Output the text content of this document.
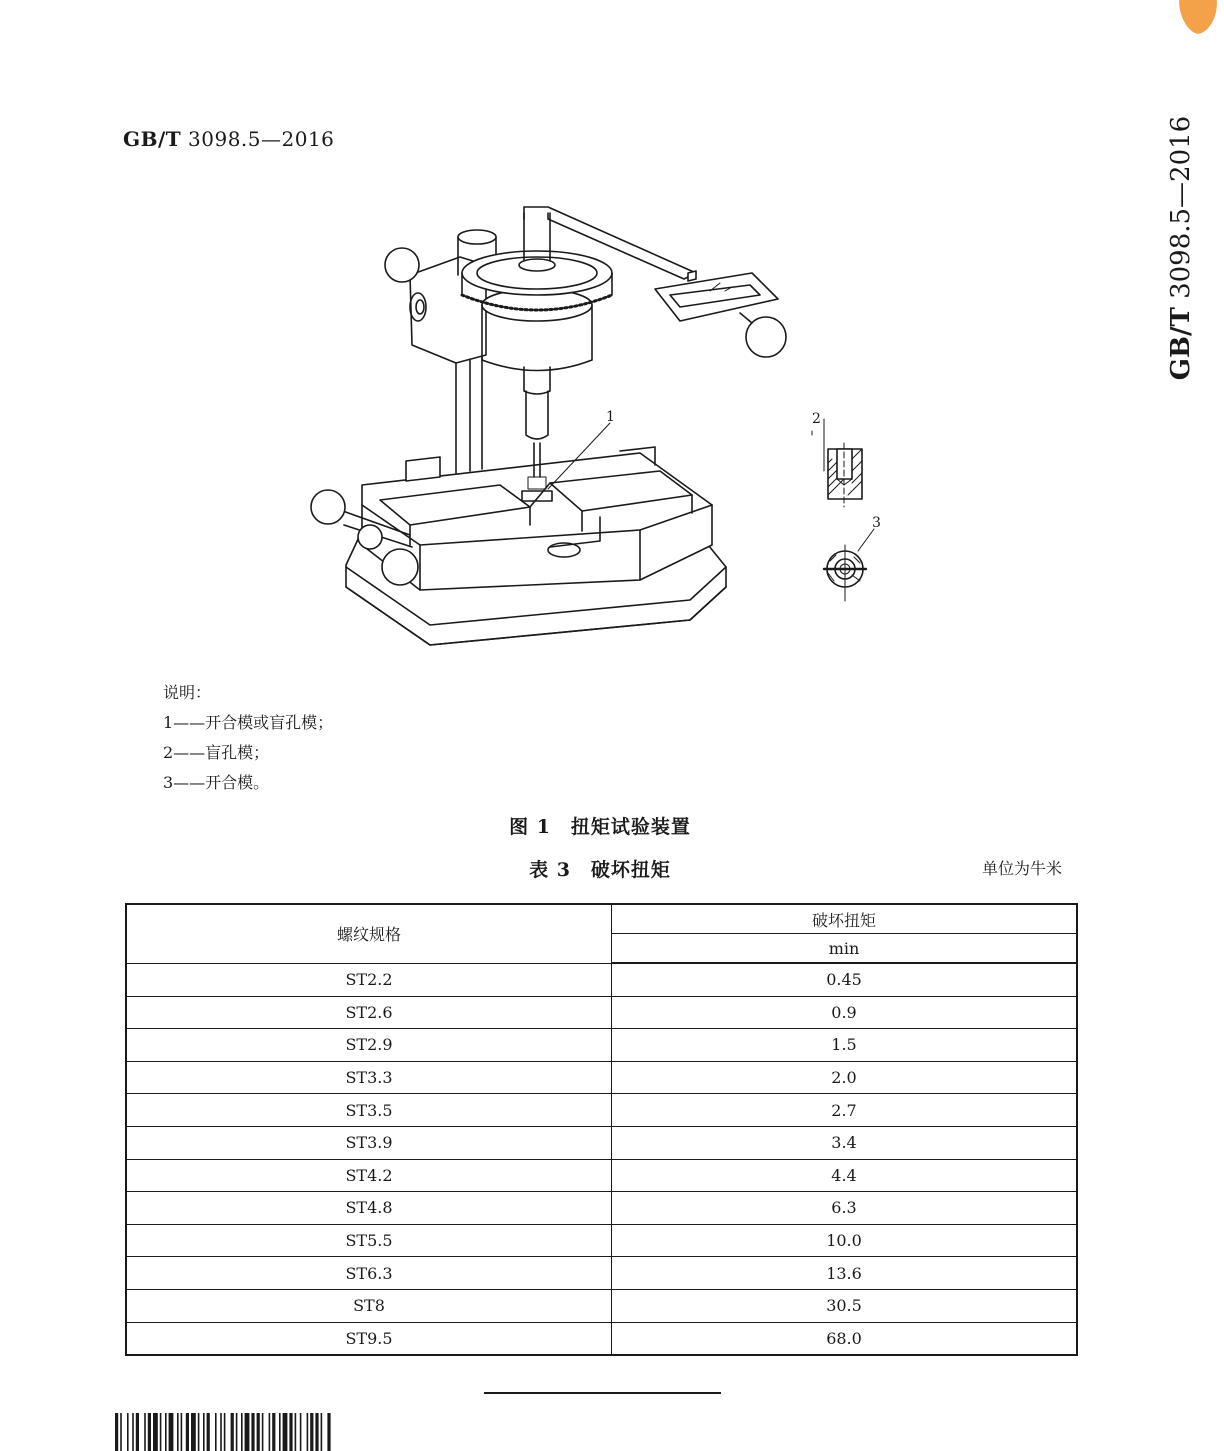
GB/T 3098.5—2016
GB/T 3098.5—2016
1	2
3
说明：
1——开合模或盲孔模；
2——盲孔模；
3——开合模。
图 1　扭矩试验装置
表 3　破坏扭矩	单位为牛米
螺纹规格	破坏扭矩
	min
ST2.2	0.45
ST2.6	0.9
ST2.9	1.5
ST3.3	2.0
ST3.5	2.7
ST3.9	3.4
ST4.2	4.4
ST4.8	6.3
ST5.5	10.0
ST6.3	13.6
ST8	30.5
ST9.5	68.0
